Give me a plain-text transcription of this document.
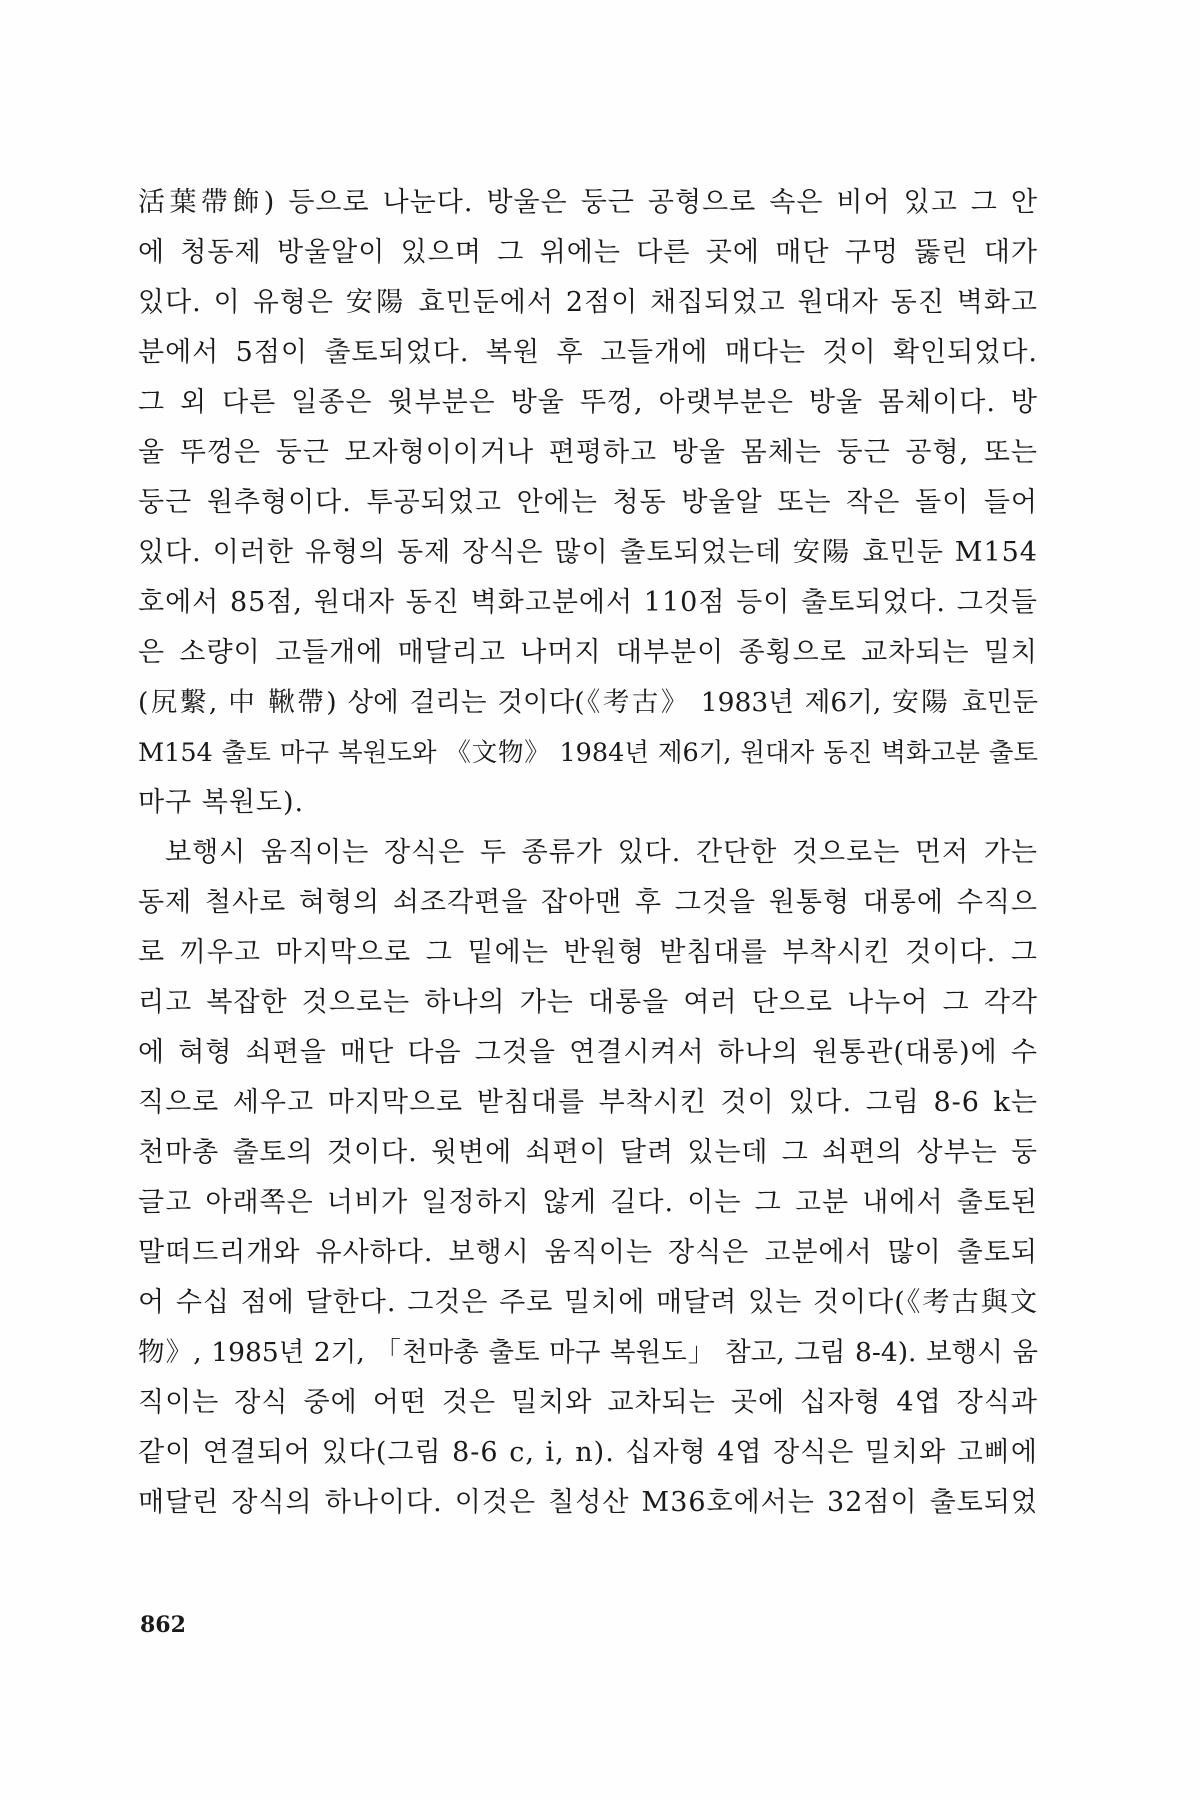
活葉帶飾) 등으로 나눈다. 방울은 둥근 공형으로 속은 비어 있고 그 안
에 청동제 방울알이 있으며 그 위에는 다른 곳에 매단 구멍 뚫린 대가
있다. 이 유형은 安陽 효민둔에서 2점이 채집되었고 원대자 동진 벽화고
분에서 5점이 출토되었다. 복원 후 고들개에 매다는 것이 확인되었다.
그 외 다른 일종은 윗부분은 방울 뚜껑, 아랫부분은 방울 몸체이다. 방
울 뚜껑은 둥근 모자형이이거나 편평하고 방울 몸체는 둥근 공형, 또는
둥근 원추형이다. 투공되었고 안에는 청동 방울알 또는 작은 돌이 들어
있다. 이러한 유형의 동제 장식은 많이 출토되었는데 安陽 효민둔 M154
호에서 85점, 원대자 동진 벽화고분에서 110점 등이 출토되었다. 그것들
은 소량이 고들개에 매달리고 나머지 대부분이 종횡으로 교차되는 밀치
(尻繫, 中 鞦帶) 상에 걸리는 것이다(《考古》 1983년 제6기, 安陽 효민둔
M154 출토 마구 복원도와 《文物》 1984년 제6기, 원대자 동진 벽화고분 출토
마구 복원도).
보행시 움직이는 장식은 두 종류가 있다. 간단한 것으로는 먼저 가는
동제 철사로 혀형의 쇠조각편을 잡아맨 후 그것을 원통형 대롱에 수직으
로 끼우고 마지막으로 그 밑에는 반원형 받침대를 부착시킨 것이다. 그
리고 복잡한 것으로는 하나의 가는 대롱을 여러 단으로 나누어 그 각각
에 혀형 쇠편을 매단 다음 그것을 연결시켜서 하나의 원통관(대롱)에 수
직으로 세우고 마지막으로 받침대를 부착시킨 것이 있다. 그림 8-6 k는
천마총 출토의 것이다. 윗변에 쇠편이 달려 있는데 그 쇠편의 상부는 둥
글고 아래쪽은 너비가 일정하지 않게 길다. 이는 그 고분 내에서 출토된
말떠드리개와 유사하다. 보행시 움직이는 장식은 고분에서 많이 출토되
어 수십 점에 달한다. 그것은 주로 밀치에 매달려 있는 것이다(《考古與文
物》, 1985년 2기, 「천마총 출토 마구 복원도」 참고, 그림 8-4). 보행시 움
직이는 장식 중에 어떤 것은 밀치와 교차되는 곳에 십자형 4엽 장식과
같이 연결되어 있다(그림 8-6 c, i, n). 십자형 4엽 장식은 밀치와 고삐에
매달린 장식의 하나이다. 이것은 칠성산 M36호에서는 32점이 출토되었
862
